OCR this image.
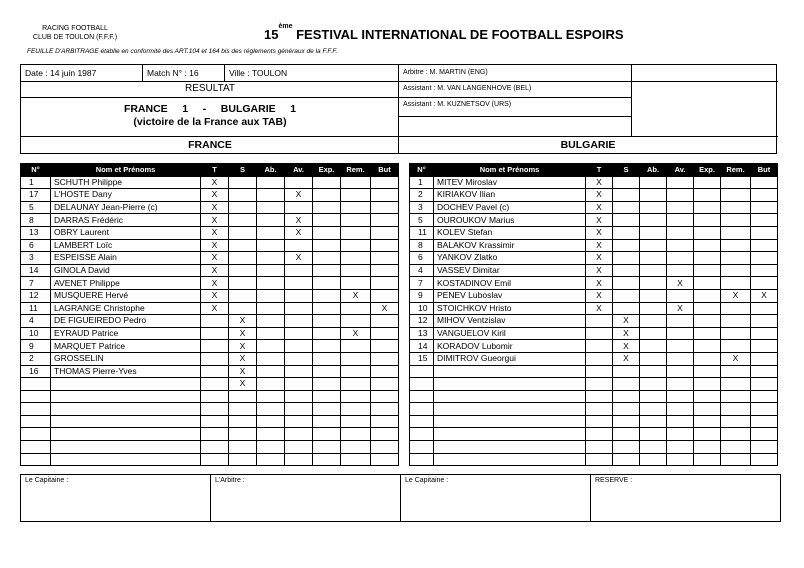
RACING FOOTBALL
CLUB DE TOULON (F.F.F.)	15ème FESTIVAL INTERNATIONAL DE FOOTBALL ESPOIRS
FEUILLE D'ARBITRAGE établie en conformité des ART.104 et 164 bis des réglements généraux de la F.F.F.
Date : 14 juin 1987	Match N° : 16	Ville : TOULON	Arbitre : M. MARTIN (ENG)
Assistant : M. VAN LANGENHOVE (BEL)
Assistant : M. KUZNETSOV (URS)
RESULTAT
FRANCE     1     -     BULGARIE     1
(victoire de la France aux TAB)
FRANCE	BULGARIE
N°	Nom et Prénoms	T	S	Ab.	Av.	Exp.	Rem.	But
1	SCHUTH Philippe	X						
17	L'HOSTE Dany	X			X			
5	DELAUNAY Jean-Pierre (c)	X						
8	DARRAS Frédéric	X			X			
13	OBRY Laurent	X			X			
6	LAMBERT Loïc	X						
3	ESPEISSE Alain	X			X			
14	GINOLA David	X						
7	AVENET Philippe	X						
12	MUSQUERE Hervé	X					X	
11	LAGRANGE Christophe	X						X
4	DE FIGUEIREDO Pedro		X					
10	EYRAUD Patrice		X				X	
9	MARQUET Patrice		X					
2	GROSSELIN		X					
16	THOMAS Pierre-Yves		X					
			X					

N°	Nom et Prénoms	T	S	Ab.	Av.	Exp.	Rem.	But
1	MITEV Miroslav	X						
2	KIRIAKOV Ilian	X						
3	DOCHEV Pavel (c)	X						
5	OUROUKOV Marius	X						
11	KOLEV Stefan	X						
8	BALAKOV Krassimir	X						
6	YANKOV Zlatko	X						
4	VASSEV Dimitar	X						
7	KOSTADINOV Emil	X			X			
9	PENEV Luboslav	X					X	X
10	STOICHKOV Hristo	X			X			
12	MIHOV Ventzislav		X					
13	VANGUELOV Kiril		X					
14	KORADOV Lubomir		X					
15	DIMITROV Gueorgui		X				X	

Le Capitaine :	L'Arbitre :	Le Capitaine :	RESERVE :
